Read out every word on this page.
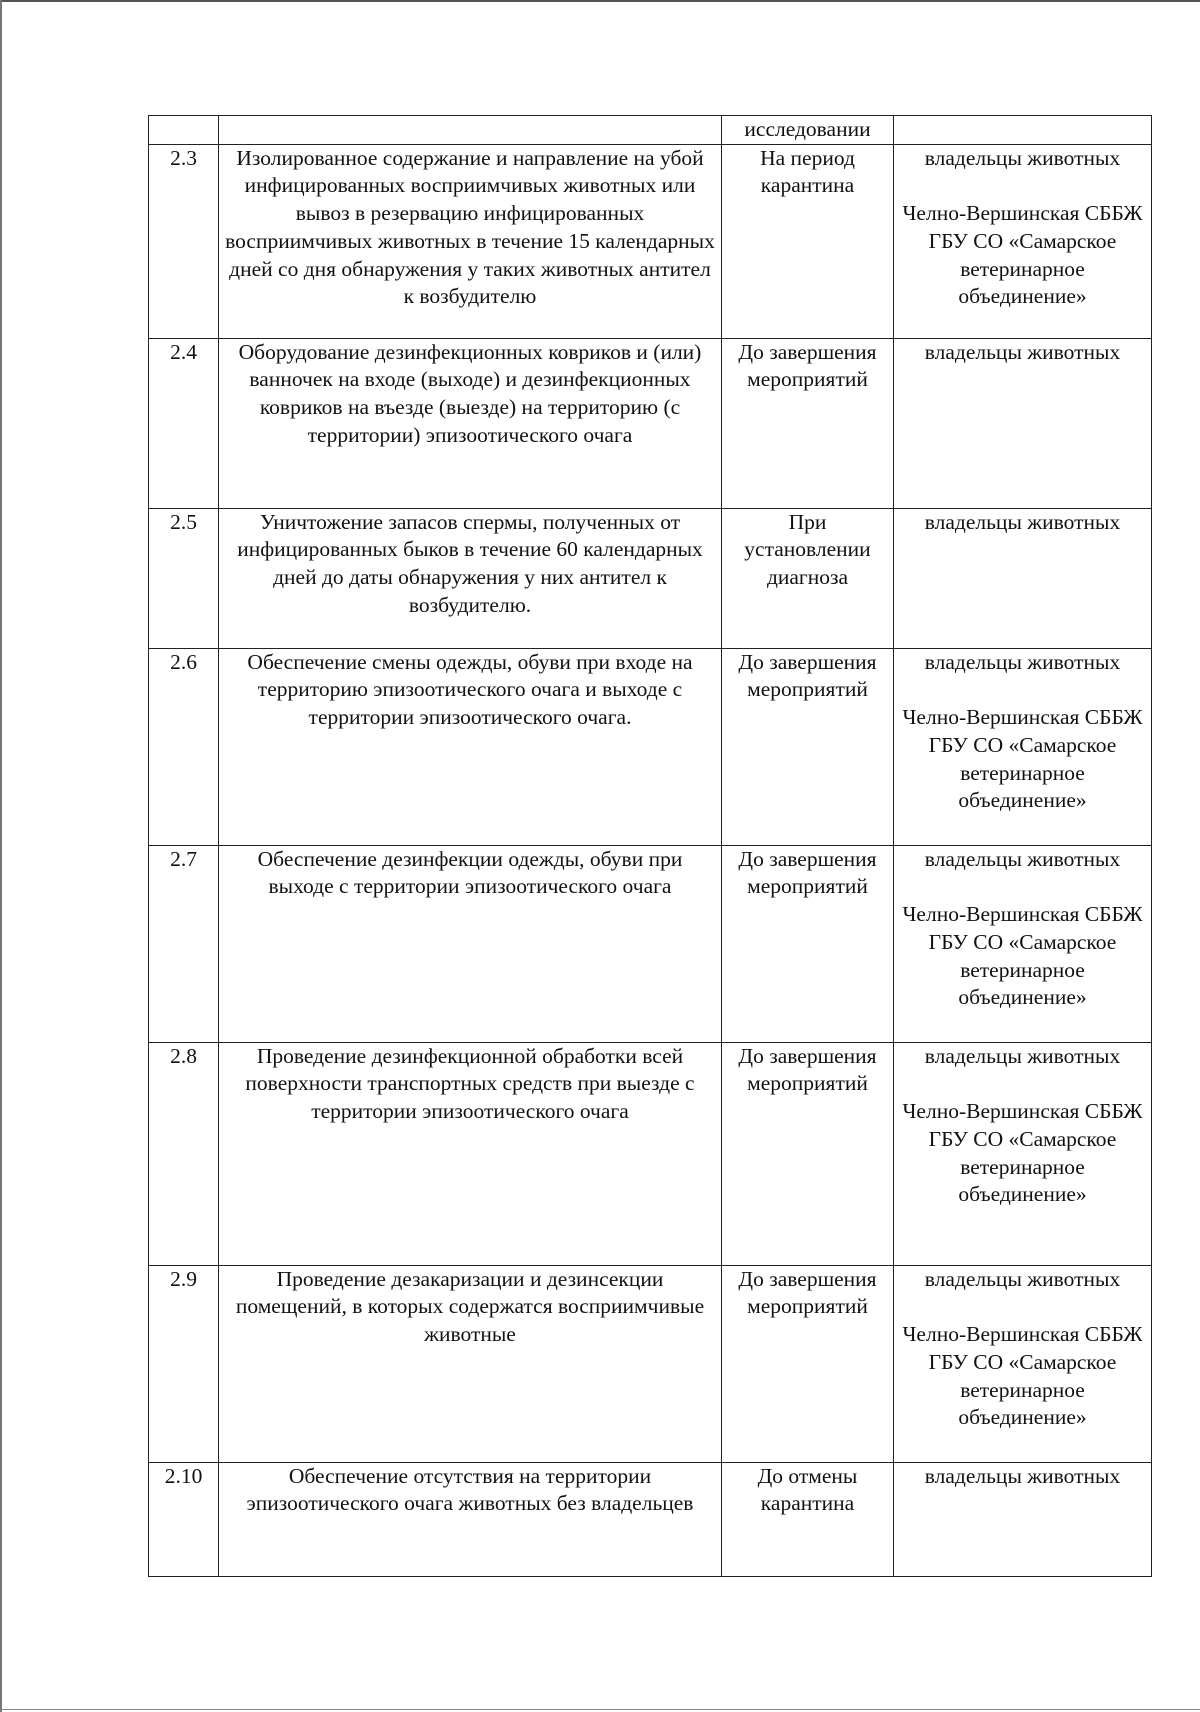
		исследовании	
2.3	Изолированное содержание и направление на убой инфицированных восприимчивых животных или вывоз в резервацию инфицированных восприимчивых животных в течение 15 календарных дней со дня обнаружения у таких животных антител к возбудителю	На период карантина	владельцы животных
Челно-Вершинская СББЖ ГБУ СО «Самарское ветеринарное объединение»

2.4	Оборудование дезинфекционных ковриков и (или) ванночек на входе (выходе) и дезинфекционных ковриков на въезде (выезде) на территорию (с территории) эпизоотического очага	До завершения мероприятий	владельцы животных

2.5	Уничтожение запасов спермы, полученных от инфицированных быков в течение 60 календарных дней до даты обнаружения у них антител к возбудителю.	При установлении диагноза	владельцы животных

2.6	Обеспечение смены одежды, обуви при входе на территорию эпизоотического очага и выходе с территории эпизоотического очага.	До завершения мероприятий	владельцы животных
Челно-Вершинская СББЖ ГБУ СО «Самарское ветеринарное объединение»

2.7	Обеспечение дезинфекции одежды, обуви при выходе с территории эпизоотического очага	До завершения мероприятий	владельцы животных
Челно-Вершинская СББЖ ГБУ СО «Самарское ветеринарное объединение»

2.8	Проведение дезинфекционной обработки всей поверхности транспортных средств при выезде с территории эпизоотического очага	До завершения мероприятий	владельцы животных
Челно-Вершинская СББЖ ГБУ СО «Самарское ветеринарное объединение»

2.9	Проведение дезакаризации и дезинсекции помещений, в которых содержатся восприимчивые животные	До завершения мероприятий	владельцы животных
Челно-Вершинская СББЖ ГБУ СО «Самарское ветеринарное объединение»

2.10	Обеспечение отсутствия на территории эпизоотического очага животных без владельцев	До отмены карантина	владельцы животных
